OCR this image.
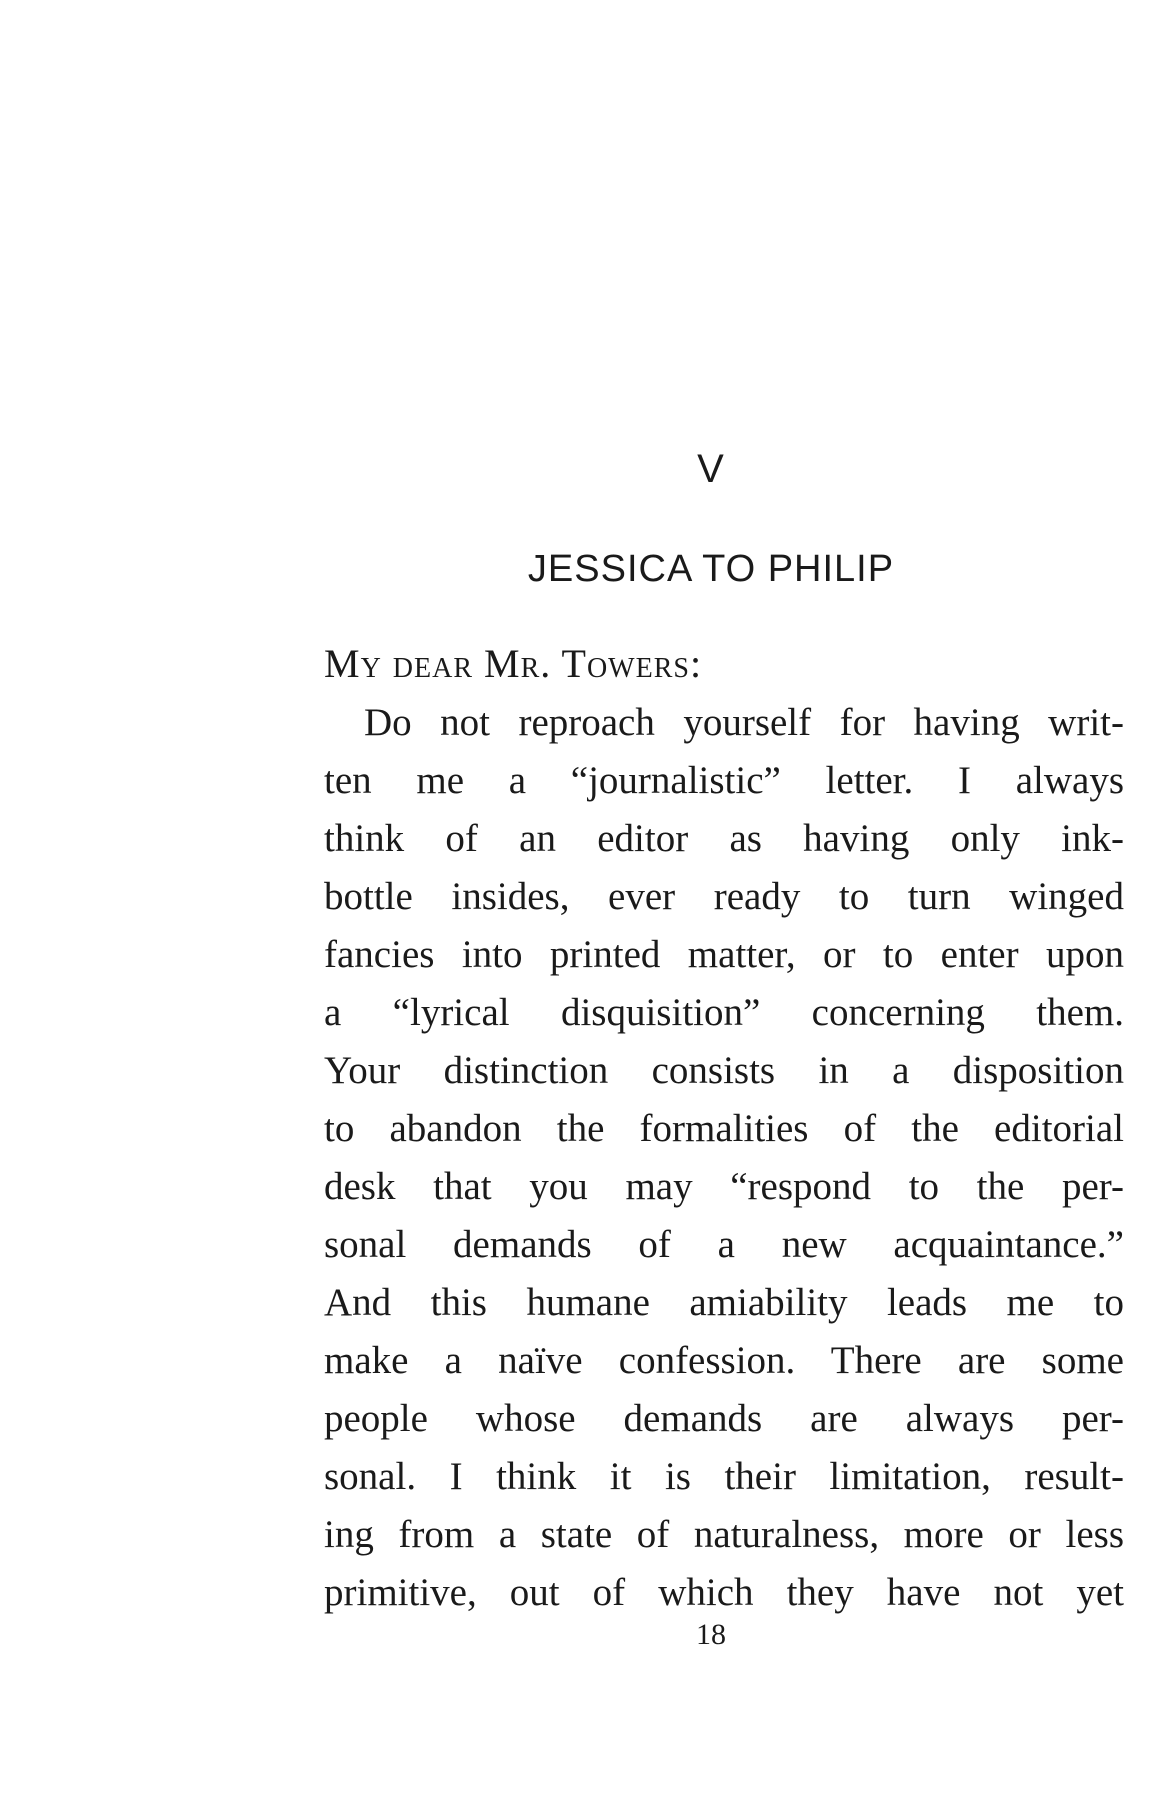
V
JESSICA TO PHILIP
My dear Mr. Towers:
Do not reproach yourself for having writ-
ten me a “journalistic” letter. I always
think of an editor as having only ink-
bottle insides, ever ready to turn winged
fancies into printed matter, or to enter upon
a “lyrical disquisition” concerning them.
Your distinction consists in a disposition
to abandon the formalities of the editorial
desk that you may “respond to the per-
sonal demands of a new acquaintance.”
And this humane amiability leads me to
make a naïve confession. There are some
people whose demands are always per-
sonal. I think it is their limitation, result-
ing from a state of naturalness, more or less
primitive, out of which they have not yet
18
